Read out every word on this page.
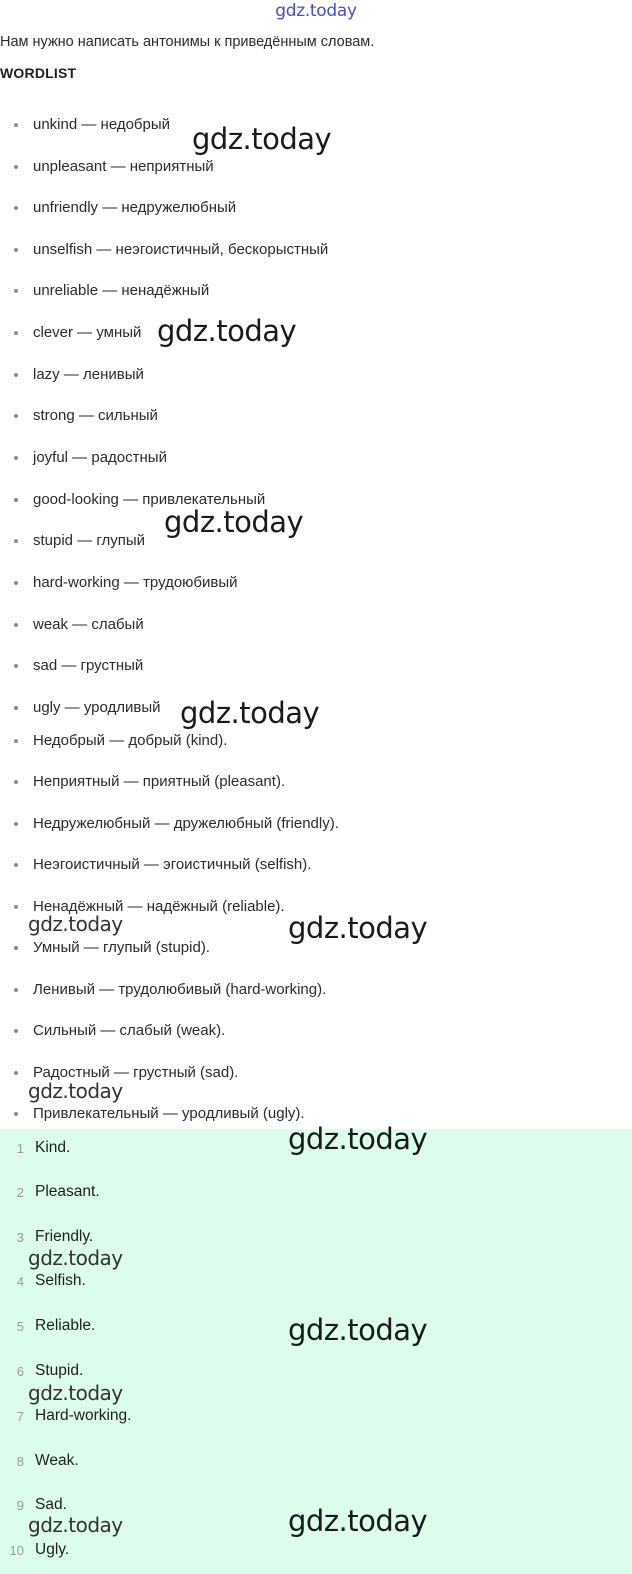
gdz.today
Нам нужно написать антонимы к приведённым словам.
WORDLIST
unkind — недобрый
unpleasant — неприятный
unfriendly — недружелюбный
unselfish — неэгоистичный, бескорыстный
unreliable — ненадёжный
clever — умный
lazy — ленивый
strong — сильный
joyful — радостный
good-looking — привлекательный
stupid — глупый
hard-working — трудоюбивый
weak — слабый
sad — грустный
ugly — уродливый
Недобрый — добрый (kind).
Неприятный — приятный (pleasant).
Недружелюбный — дружелюбный (friendly).
Неэгоистичный — эгоистичный (selfish).
Ненадёжный — надёжный (reliable).
Умный — глупый (stupid).
Ленивый — трудолюбивый (hard-working).
Сильный — слабый (weak).
Радостный — грустный (sad).
Привлекательный — уродливый (ugly).
1 Kind.
2 Pleasant.
3 Friendly.
4 Selfish.
5 Reliable.
6 Stupid.
7 Hard-working.
8 Weak.
9 Sad.
10 Ugly.
gdz.today
gdz.today
gdz.today
gdz.today
gdz.today	gdz.today
gdz.today
gdz.today
gdz.today
gdz.today
gdz.today
gdz.today	gdz.today
